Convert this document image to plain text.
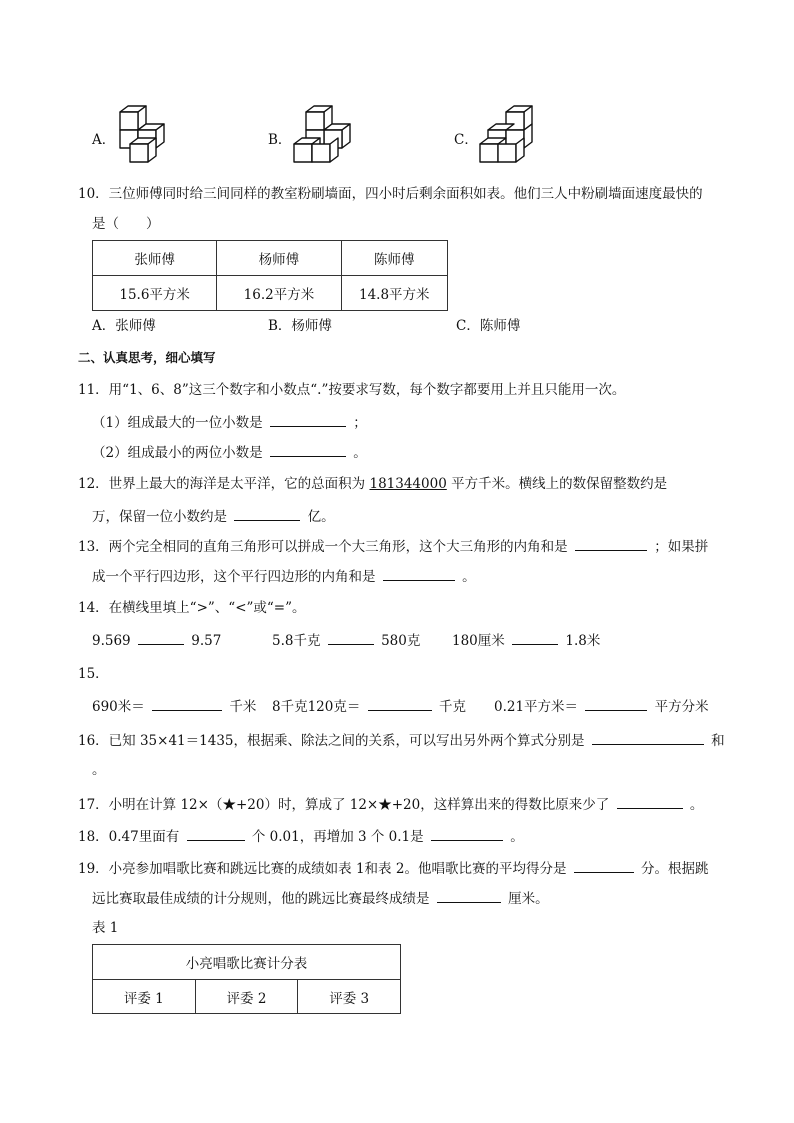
A．	B．	C．
10．三位师傅同时给三间同样的教室粉刷墙面，四小时后剩余面积如表。他们三人中粉刷墙面速度最快的
是（　　）
张师傅	杨师傅	陈师傅
15.6平方米	16.2平方米	14.8平方米
A．张师傅	B．杨师傅	C．陈师傅
二、认真思考，细心填写
11．用“1、6、8”这三个数字和小数点“.”按要求写数，每个数字都要用上并且只能用一次。
（1）组成最大的一位小数是	；
（2）组成最小的两位小数是	。
12．世界上最大的海洋是太平洋，它的总面积为 181344000 平方千米。横线上的数保留整数约是
万，保留一位小数约是	亿。
13．两个完全相同的直角三角形可以拼成一个大三角形，这个大三角形的内角和是	；如果拼
成一个平行四边形，这个平行四边形的内角和是	。
14．在横线里填上“>”、“<”或“=”。
9.569	9.57	5.8千克	580克 180厘米	1.8米
15．
690米＝	千米 8千克120克＝	千克 0.21平方米＝	平方分米
16．已知 35×41＝1435，根据乘、除法之间的关系，可以写出另外两个算式分别是	和
。
17．小明在计算 12×（★+20）时，算成了 12×★+20，这样算出来的得数比原来少了	。
18．0.47里面有	个 0.01，再增加 3 个 0.1是	。
19．小亮参加唱歌比赛和跳远比赛的成绩如表 1和表 2。他唱歌比赛的平均得分是	分。根据跳
远比赛取最佳成绩的计分规则，他的跳远比赛最终成绩是	厘米。
表 1
小亮唱歌比赛计分表
评委 1	评委 2	评委 3
